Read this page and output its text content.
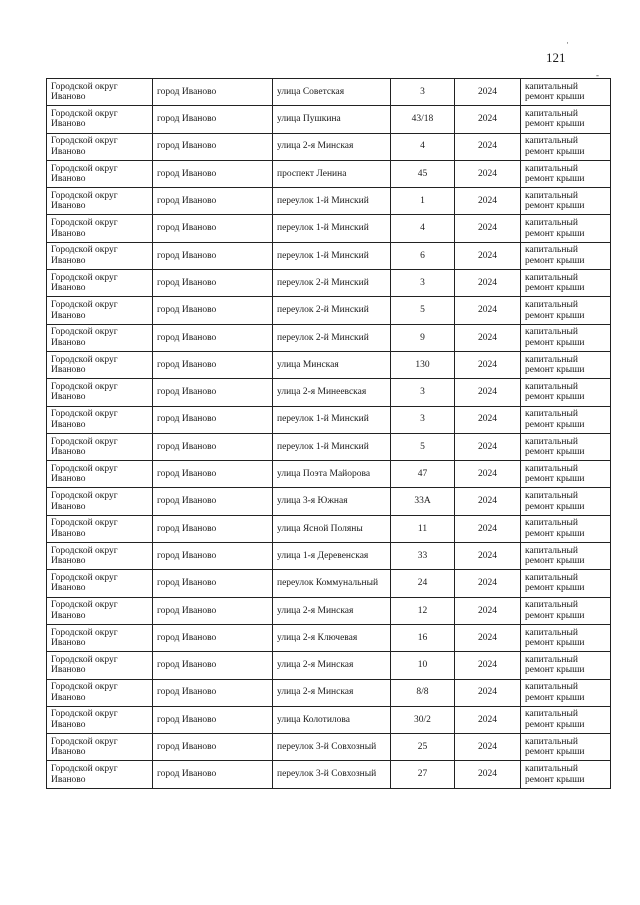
121
·
-
Городской округ Иваново	город Иваново	улица Советская	3	2024	капитальный ремонт крыши
Городской округ Иваново	город Иваново	улица Пушкина	43/18	2024	капитальный ремонт крыши
Городской округ Иваново	город Иваново	улица 2-я Минская	4	2024	капитальный ремонт крыши
Городской округ Иваново	город Иваново	проспект Ленина	45	2024	капитальный ремонт крыши
Городской округ Иваново	город Иваново	переулок 1-й Минский	1	2024	капитальный ремонт крыши
Городской округ Иваново	город Иваново	переулок 1-й Минский	4	2024	капитальный ремонт крыши
Городской округ Иваново	город Иваново	переулок 1-й Минский	6	2024	капитальный ремонт крыши
Городской округ Иваново	город Иваново	переулок 2-й Минский	3	2024	капитальный ремонт крыши
Городской округ Иваново	город Иваново	переулок 2-й Минский	5	2024	капитальный ремонт крыши
Городской округ Иваново	город Иваново	переулок 2-й Минский	9	2024	капитальный ремонт крыши
Городской округ Иваново	город Иваново	улица Минская	130	2024	капитальный ремонт крыши
Городской округ Иваново	город Иваново	улица 2-я Минеевская	3	2024	капитальный ремонт крыши
Городской округ Иваново	город Иваново	переулок 1-й Минский	3	2024	капитальный ремонт крыши
Городской округ Иваново	город Иваново	переулок 1-й Минский	5	2024	капитальный ремонт крыши
Городской округ Иваново	город Иваново	улица Поэта Майорова	47	2024	капитальный ремонт крыши
Городской округ Иваново	город Иваново	улица 3-я Южная	33А	2024	капитальный ремонт крыши
Городской округ Иваново	город Иваново	улица Ясной Поляны	11	2024	капитальный ремонт крыши
Городской округ Иваново	город Иваново	улица 1-я Деревенская	33	2024	капитальный ремонт крыши
Городской округ Иваново	город Иваново	переулок Коммунальный	24	2024	капитальный ремонт крыши
Городской округ Иваново	город Иваново	улица 2-я Минская	12	2024	капитальный ремонт крыши
Городской округ Иваново	город Иваново	улица 2-я Ключевая	16	2024	капитальный ремонт крыши
Городской округ Иваново	город Иваново	улица 2-я Минская	10	2024	капитальный ремонт крыши
Городской округ Иваново	город Иваново	улица 2-я Минская	8/8	2024	капитальный ремонт крыши
Городской округ Иваново	город Иваново	улица Колотилова	30/2	2024	капитальный ремонт крыши
Городской округ Иваново	город Иваново	переулок 3-й Совхозный	25	2024	капитальный ремонт крыши
Городской округ Иваново	город Иваново	переулок 3-й Совхозный	27	2024	капитальный ремонт крыши
